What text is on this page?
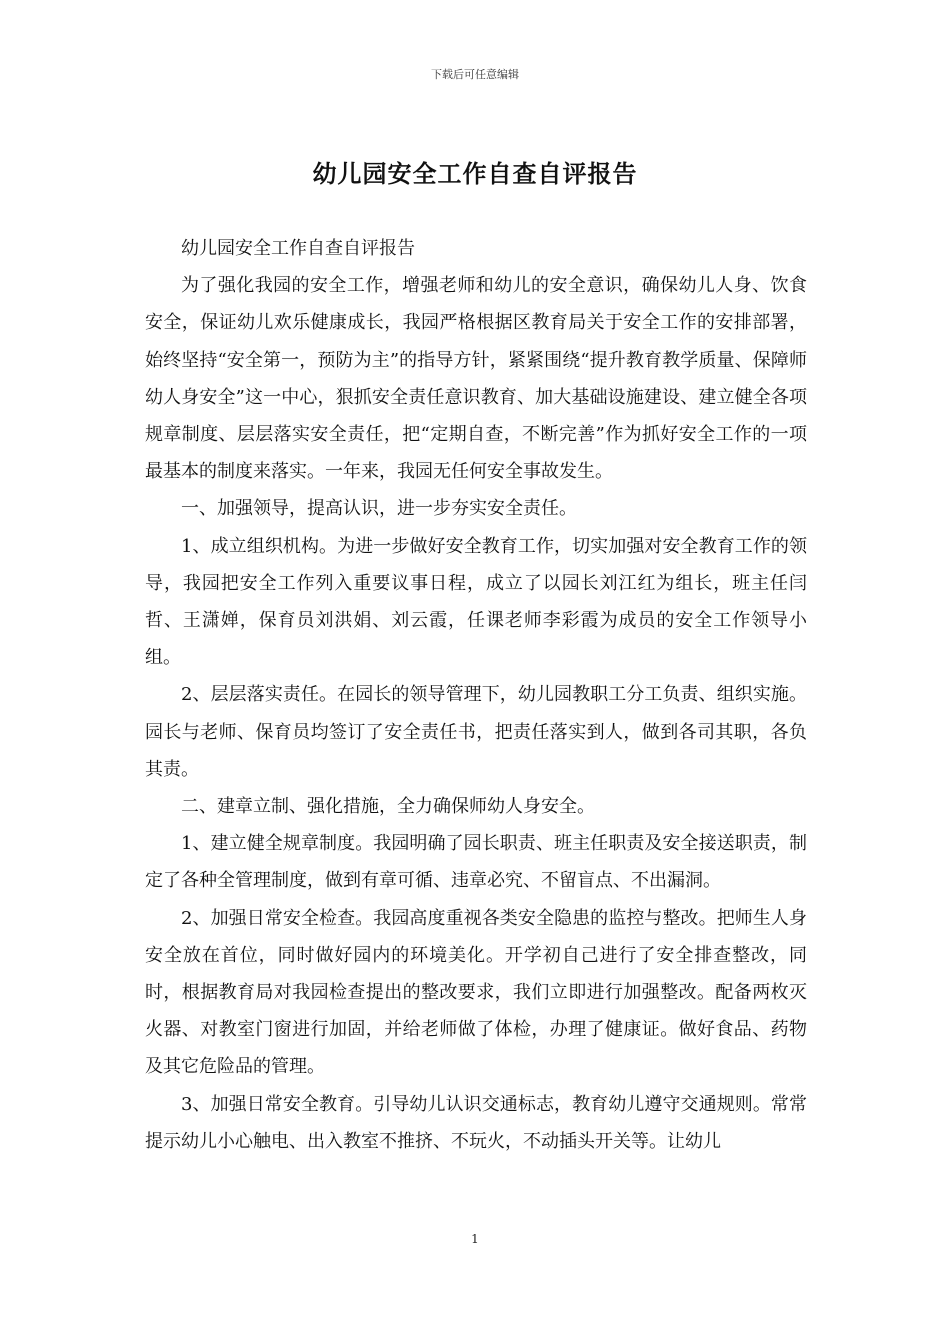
下载后可任意编辑
幼儿园安全工作自查自评报告

幼儿园安全工作自查自评报告

为了强化我园的安全工作，增强老师和幼儿的安全意识，确保幼儿人身、饮食安全，保证幼儿欢乐健康成长，我园严格根据区教育局关于安全工作的安排部署，始终坚持“安全第一，预防为主”的指导方针，紧紧围绕“提升教育教学质量、保障师幼人身安全”这一中心，狠抓安全责任意识教育、加大基础设施建设、建立健全各项规章制度、层层落实安全责任，把“定期自查，不断完善”作为抓好安全工作的一项最基本的制度来落实。一年来，我园无任何安全事故发生。

一、加强领导，提高认识，进一步夯实安全责任。

1、成立组织机构。为进一步做好安全教育工作，切实加强对安全教育工作的领导，我园把安全工作列入重要议事日程，成立了以园长刘江红为组长，班主任闫哲、王潇婵，保育员刘洪娟、刘云霞，任课老师李彩霞为成员的安全工作领导小组。

2、层层落实责任。在园长的领导管理下，幼儿园教职工分工负责、组织实施。园长与老师、保育员均签订了安全责任书，把责任落实到人，做到各司其职，各负其责。

二、建章立制、强化措施，全力确保师幼人身安全。

1、建立健全规章制度。我园明确了园长职责、班主任职责及安全接送职责，制定了各种全管理制度，做到有章可循、违章必究、不留盲点、不出漏洞。

2、加强日常安全检查。我园高度重视各类安全隐患的监控与整改。把师生人身安全放在首位，同时做好园内的环境美化。开学初自己进行了安全排查整改，同时，根据教育局对我园检查提出的整改要求，我们立即进行加强整改。配备两枚灭火器、对教室门窗进行加固，并给老师做了体检，办理了健康证。做好食品、药物及其它危险品的管理。

3、加强日常安全教育。引导幼儿认识交通标志，教育幼儿遵守交通规则。常常提示幼儿小心触电、出入教室不推挤、不玩火，不动插头开关等。让幼儿

1
